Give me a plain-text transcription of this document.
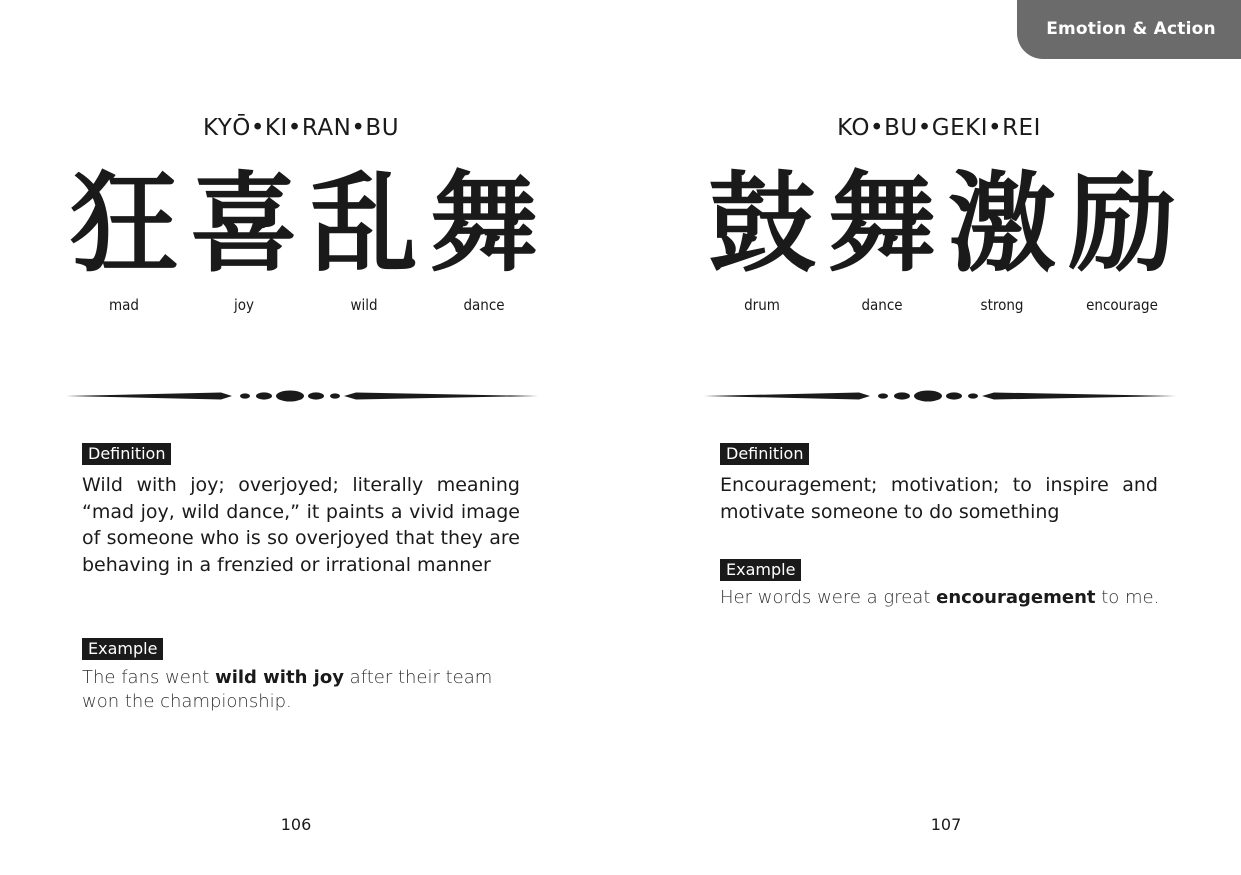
Emotion & Action
KYŌ•KI•RAN•BU
狂 喜 乱 舞
mad	joy	wild	dance
Definition
Wild with joy; overjoyed; literally meaning “mad joy, wild dance,” it paints a vivid image of someone who is so overjoyed that they are behaving in a frenzied or irrational manner
Example
The fans went wild with joy after their team won the championship.
106
KO•BU•GEKI•REI
鼓 舞 激 励
drum	dance	strong	encourage
Definition
Encouragement; motivation; to inspire and motivate someone to do something
Example
Her words were a great encouragement to me.
107
